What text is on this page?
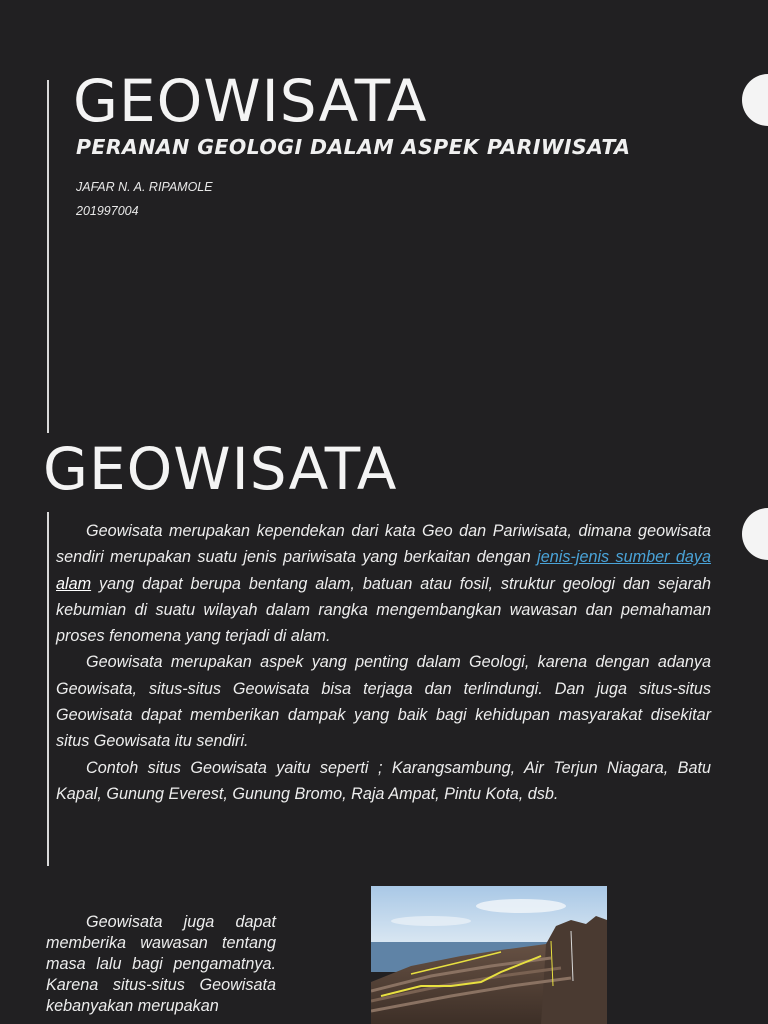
GEOWISATA
PERANAN GEOLOGI DALAM ASPEK PARIWISATA
JAFAR N. A. RIPAMOLE
201997004
GEOWISATA

Geowisata merupakan kependekan dari kata Geo dan Pariwisata, dimana geowisata sendiri merupakan suatu jenis pariwisata yang berkaitan dengan jenis-jenis sumber daya alam yang dapat berupa bentang alam, batuan atau fosil, struktur geologi dan sejarah kebumian di suatu wilayah dalam rangka mengembangkan wawasan dan pemahaman proses fenomena yang terjadi di alam.

Geowisata merupakan aspek yang penting dalam Geologi, karena dengan adanya Geowisata, situs-situs Geowisata bisa terjaga dan terlindungi. Dan juga situs-situs Geowisata dapat memberikan dampak yang baik bagi kehidupan masyarakat disekitar situs Geowisata itu sendiri.

Contoh situs Geowisata yaitu seperti ; Karangsambung, Air Terjun Niagara, Batu Kapal, Gunung Everest, Gunung Bromo, Raja Ampat, Pintu Kota, dsb.

Geowisata juga dapat memberika wawasan tentang masa lalu bagi pengamatnya. Karena situs-situs Geowisata kebanyakan merupakan
